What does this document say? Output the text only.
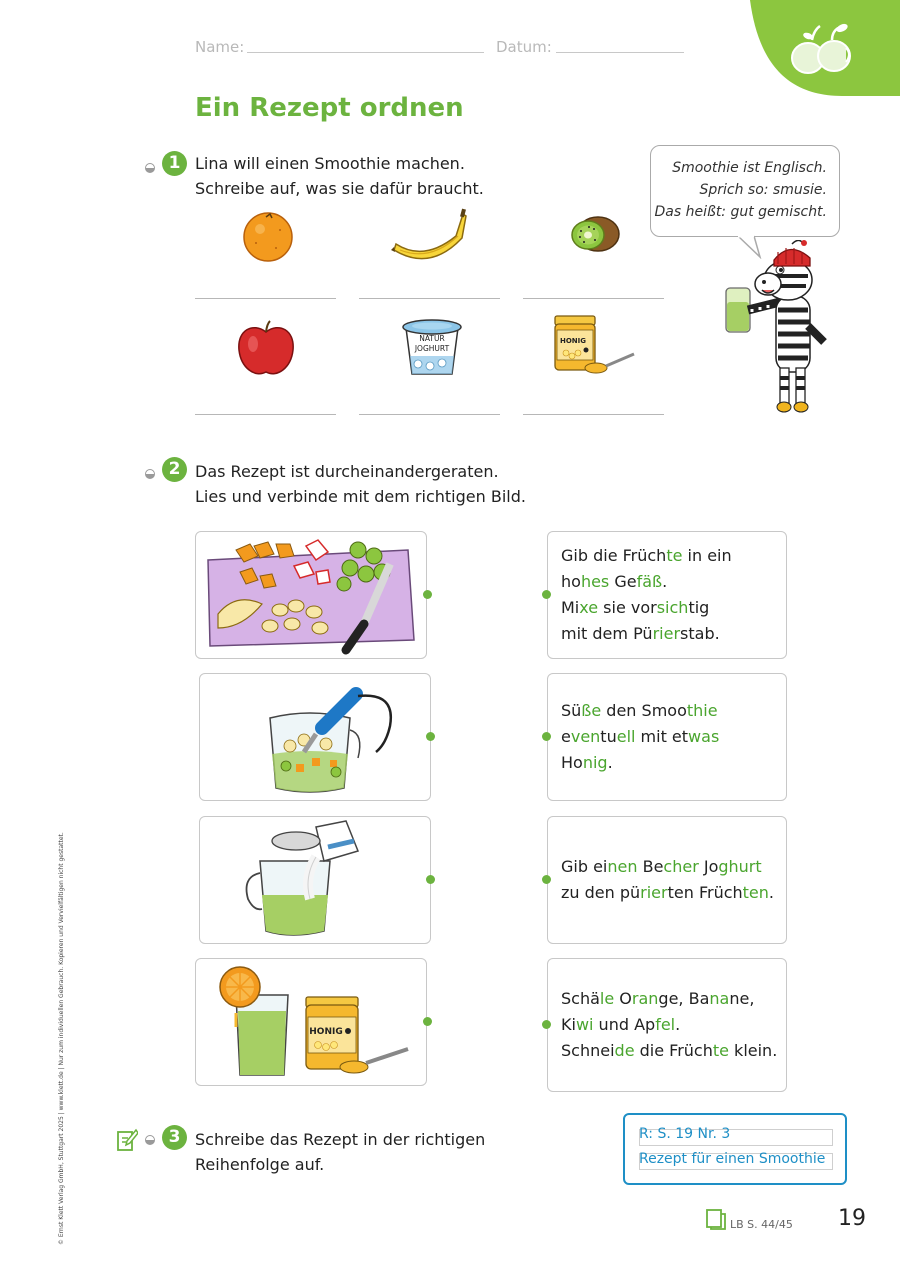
© Ernst Klett Verlag GmbH, Stuttgart 2025 | www.klett.de | Nur zum individuellen Gebrauch. Kopieren und Vervielfältigen nicht gestattet.
Name:	Datum:
Ein Rezept ordnen
1 Lina will einen Smoothie machen.
Schreibe auf, was sie dafür braucht.
NATUR
JOGHURT
HONIG
Smoothie ist Englisch.
Sprich so: smusie.
Das heißt: gut gemischt.
2 Das Rezept ist durcheinandergeraten.
Lies und verbinde mit dem richtigen Bild.
HONIG
Gib die Früchte in ein
hohes Gefäß.
Mixe sie vorsichtig
mit dem Pürierstab.
Süße den Smoothie
eventuell mit etwas
Honig.
Gib einen Becher Joghurt
zu den pürierten Früchten.
Schäle Orange, Banane,
Kiwi und Apfel.
Schneide die Früchte klein.
3 Schreibe das Rezept in der richtigen
Reihenfolge auf.
R: S. 19 Nr. 3
Rezept für einen Smoothie
LB S. 44/45 19
